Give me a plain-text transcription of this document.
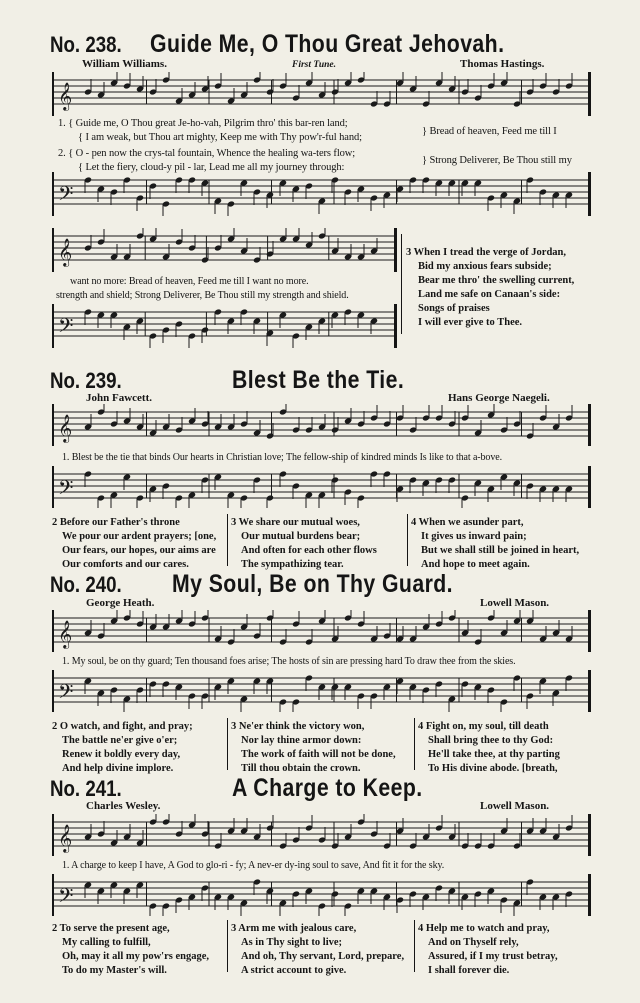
No. 238.	Guide Me, O Thou Great Jehovah.
William Williams.	First Tune.	Thomas Hastings.
𝄞
1. { Guide me, O Thou great Je-ho-vah, Pilgrim thro' this bar-ren land;
{ I am weak, but Thou art mighty, Keep me with Thy pow'r-ful hand;
2. { O - pen now the crys-tal fountain, Whence the healing wa-ters flow;
{ Let the fiery, cloud-y pil - lar, Lead me all my journey through:
} Bread of heaven, Feed me till I
} Strong Deliverer, Be Thou still my
𝄢
𝄞
want no more: Bread of heaven, Feed me till I want no more.
strength and shield; Strong Deliverer, Be Thou still my strength and shield.
𝄢
3 When I tread the verge of Jordan,
Bid my anxious fears subside;
Bear me thro' the swelling current,
Land me safe on Canaan's side:
Songs of praises
I will ever give to Thee.
No. 239.	Blest Be the Tie.
John Fawcett.	Hans George Naegeli.
𝄞
1. Blest be the tie that binds Our hearts in Christian love; The fellow-ship of kindred minds Is like to that a-bove.
𝄢
2 Before our Father's throne
We pour our ardent prayers; [one,
Our fears, our hopes, our aims are
Our comforts and our cares.
3 We share our mutual woes,
Our mutual burdens bear;
And often for each other flows
The sympathizing tear.
4 When we asunder part,
It gives us inward pain;
But we shall still be joined in heart,
And hope to meet again.
No. 240.	My Soul, Be on Thy Guard.
George Heath.	Lowell Mason.
𝄞
1. My soul, be on thy guard; Ten thousand foes arise; The hosts of sin are pressing hard To draw thee from the skies.
𝄢
2 O watch, and fight, and pray;
The battle ne'er give o'er;
Renew it boldly every day,
And help divine implore.
3 Ne'er think the victory won,
Nor lay thine armor down:
The work of faith will not be done,
Till thou obtain the crown.
4 Fight on, my soul, till death
Shall bring thee to thy God:
He'll take thee, at thy parting
To His divine abode. [breath,
No. 241.	A Charge to Keep.
Charles Wesley.	Lowell Mason.
𝄞
1. A charge to keep I have, A God to glo-ri - fy; A nev-er dy-ing soul to save, And fit it for the sky.
𝄢
2 To serve the present age,
My calling to fulfill,
Oh, may it all my pow'rs engage,
To do my Master's will.
3 Arm me with jealous care,
As in Thy sight to live;
And oh, Thy servant, Lord, prepare,
A strict account to give.
4 Help me to watch and pray,
And on Thyself rely,
Assured, if I my trust betray,
I shall forever die.
